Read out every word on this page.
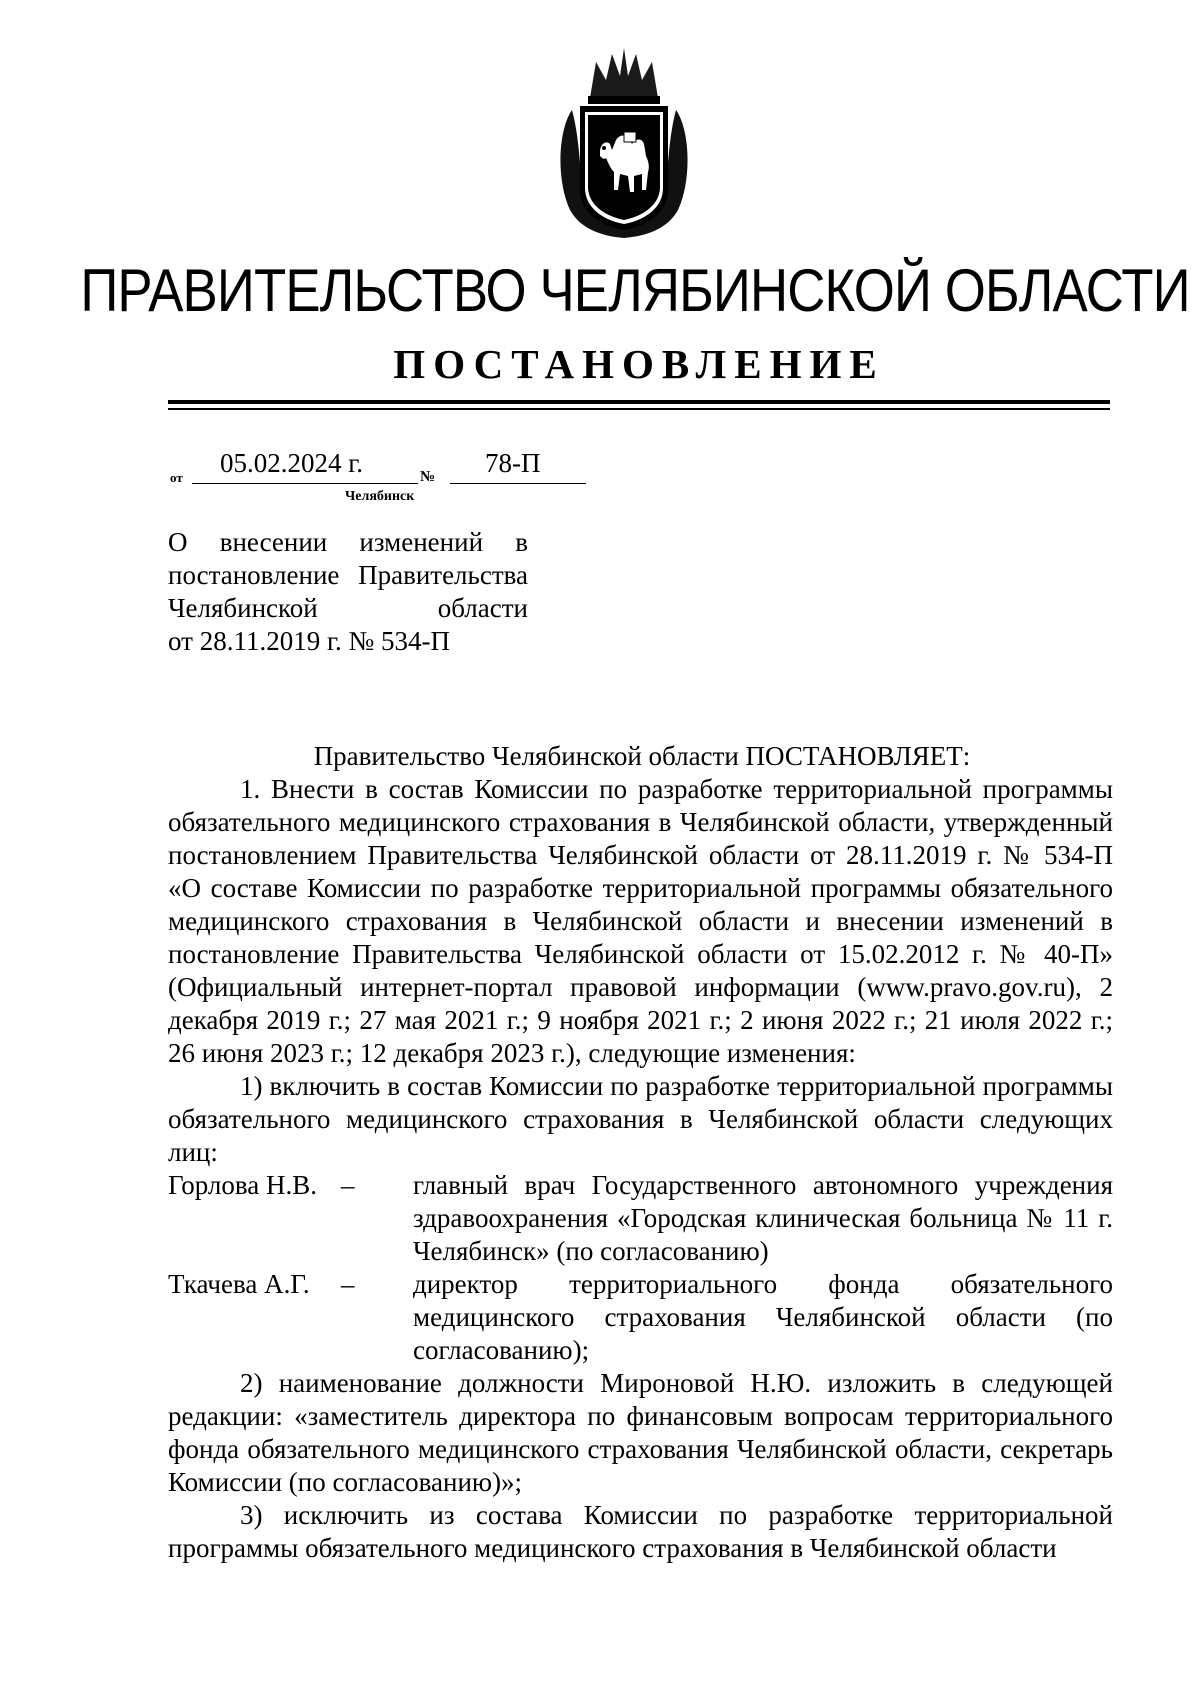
ПРАВИТЕЛЬСТВО ЧЕЛЯБИНСКОЙ ОБЛАСТИ
ПОСТАНОВЛЕНИЕ
от 05.02.2024 г.	№ 78-П
Челябинск
О внесении изменений в
постановление Правительства
Челябинской области
от 28.11.2019 г. № 534-П
Правительство Челябинской области ПОСТАНОВЛЯЕТ:

1. Внести в состав Комиссии по разработке территориальной программы обязательного медицинского страхования в Челябинской области, утвержденный постановлением Правительства Челябинской области от 28.11.2019 г. № 534-П «О составе Комиссии по разработке территориальной программы обязательного медицинского страхования в Челябинской области и внесении изменений в постановление Правительства Челябинской области от 15.02.2012 г. № 40-П» (Официальный интернет-портал правовой информации (www.pravo.gov.ru), 2 декабря 2019 г.; 27 мая 2021 г.; 9 ноября 2021 г.; 2 июня 2022 г.; 21 июля 2022 г.; 26 июня 2023 г.; 12 декабря 2023 г.), следующие изменения:

1) включить в состав Комиссии по разработке территориальной программы обязательного медицинского страхования в Челябинской области следующих лиц:

Горлова Н.В. –	главный врач Государственного автономного учреждения здравоохранения «Городская клиническая больница № 11 г. Челябинск» (по согласованию)
Ткачева А.Г.	–	директор территориального фонда обязательного медицинского страхования Челябинской области (по согласованию);

2) наименование должности Мироновой Н.Ю. изложить в следующей редакции: «заместитель директора по финансовым вопросам территориального фонда обязательного медицинского страхования Челябинской области, секретарь Комиссии (по согласованию)»;

3) исключить из состава Комиссии по разработке территориальной программы обязательного медицинского страхования в Челябинской области
